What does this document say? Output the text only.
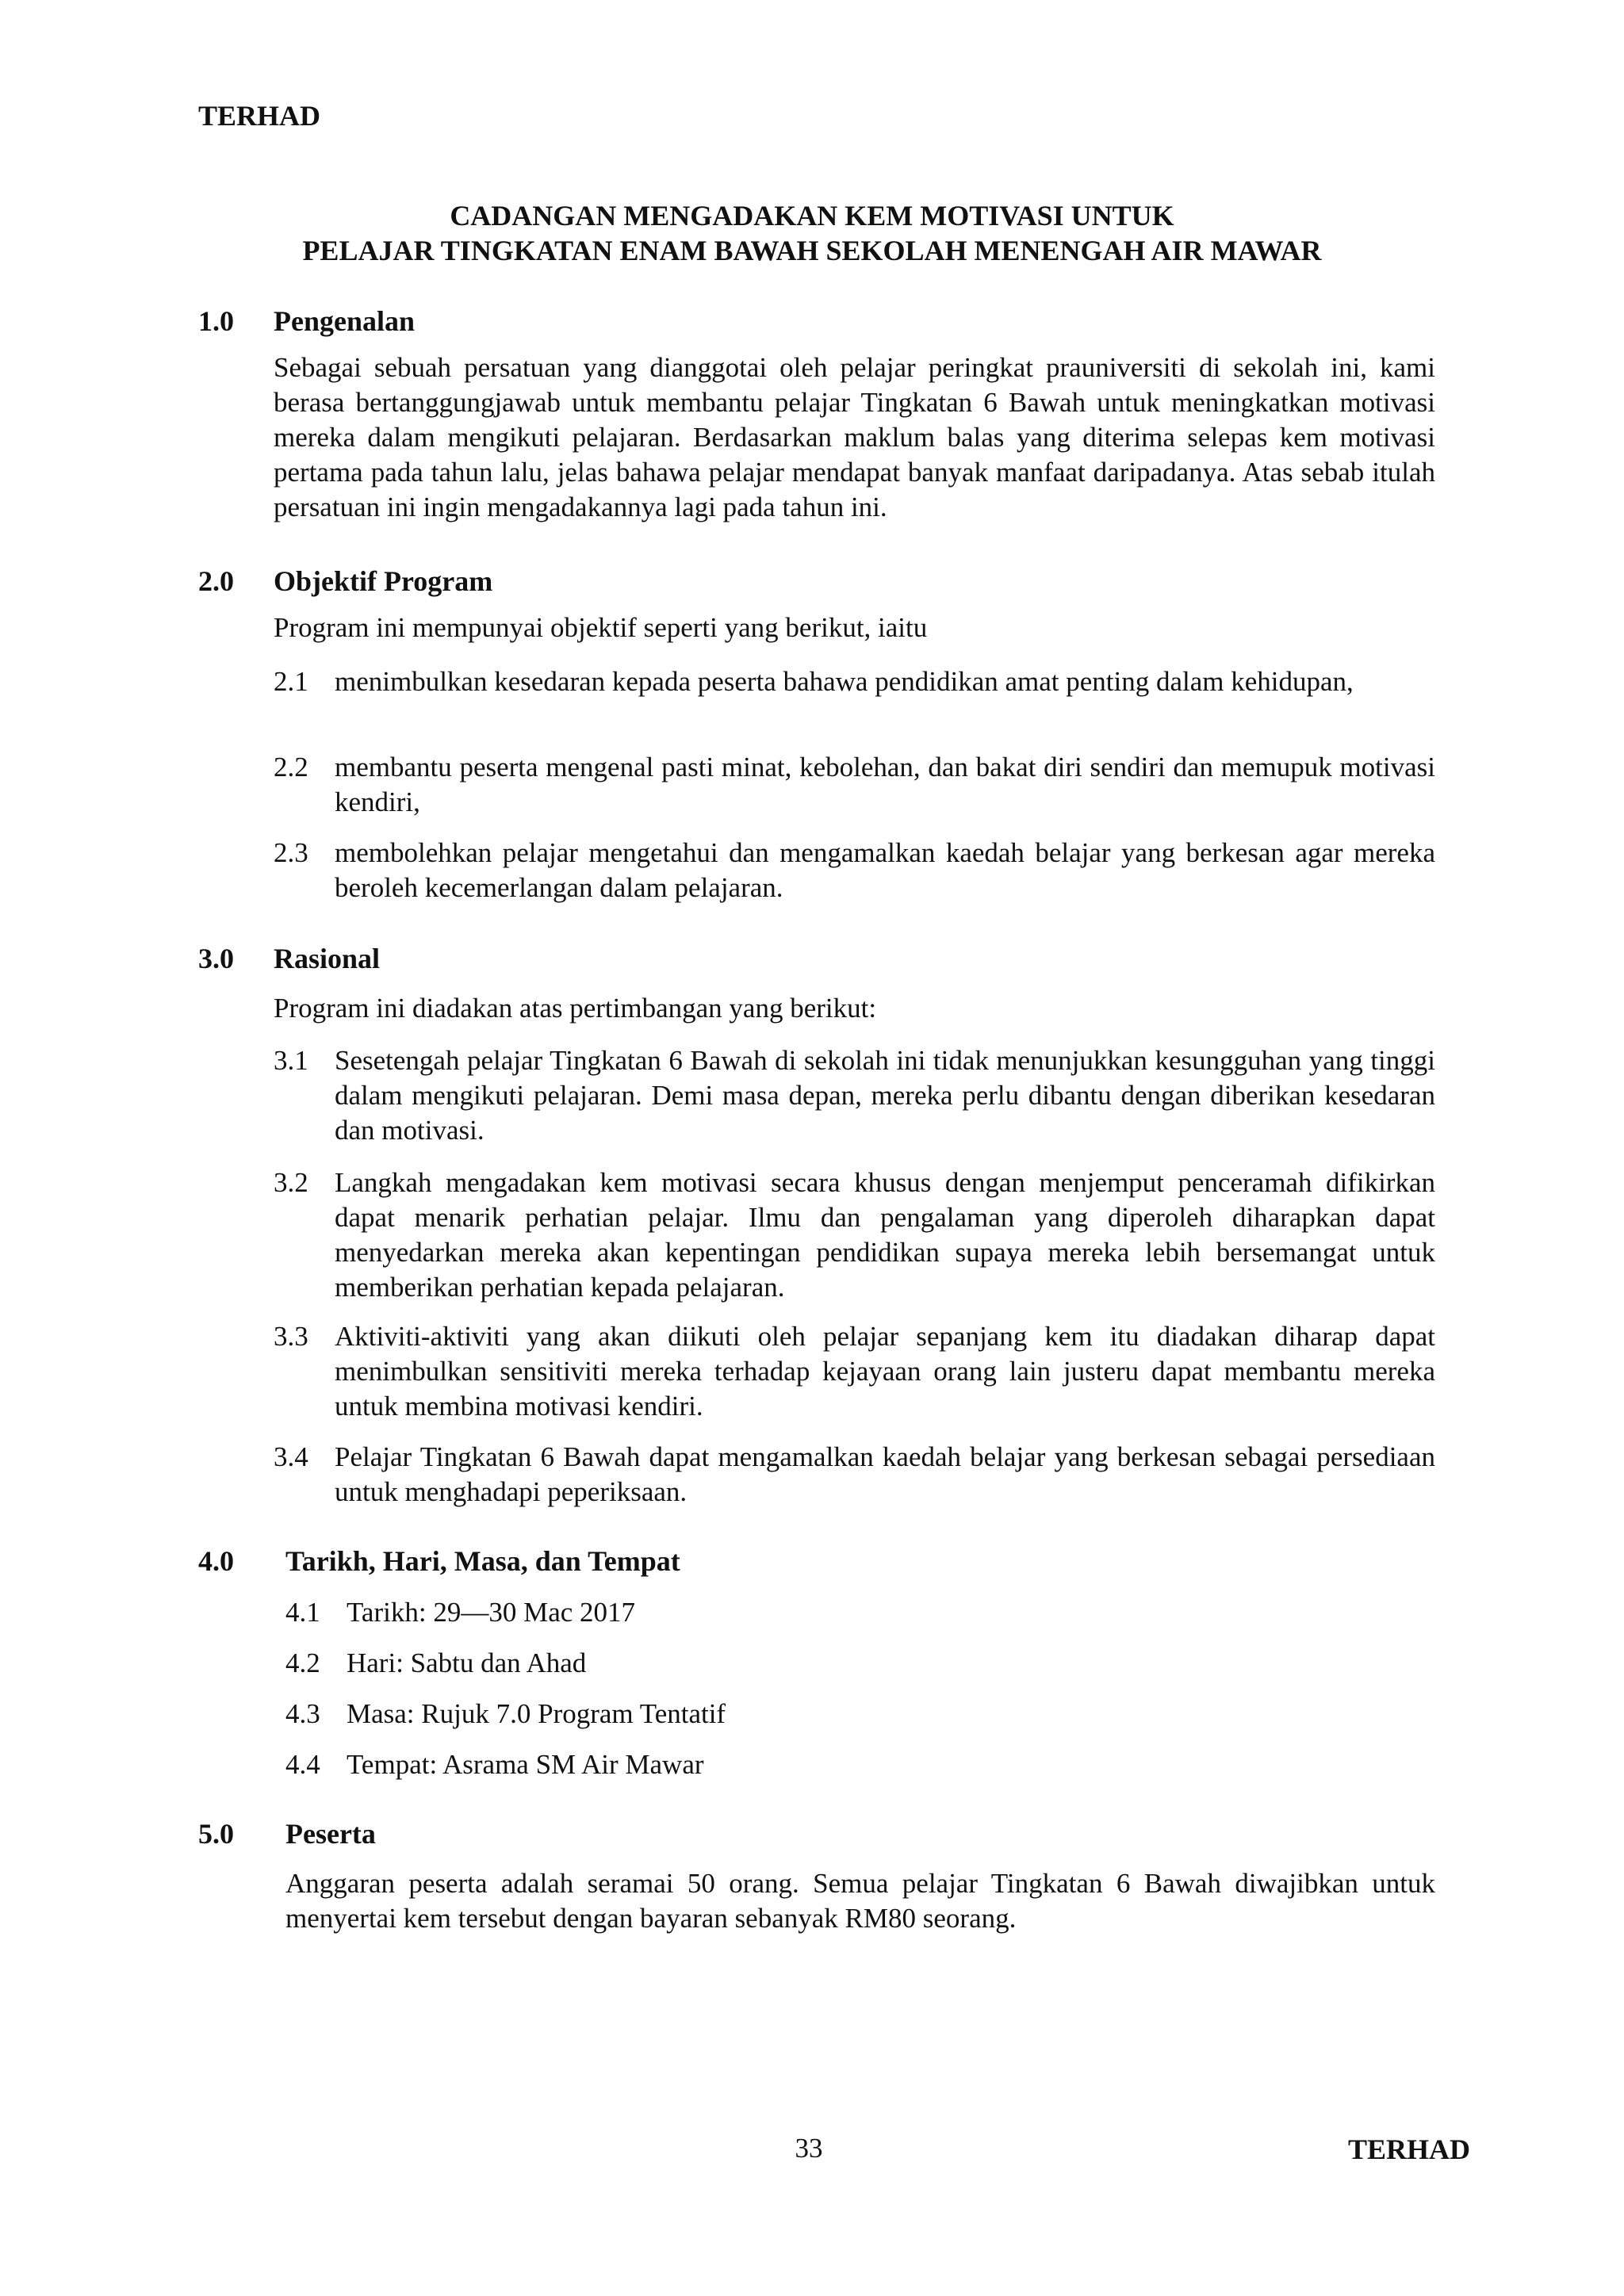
TERHAD
CADANGAN MENGADAKAN KEM MOTIVASI UNTUK
PELAJAR TINGKATAN ENAM BAWAH SEKOLAH MENENGAH AIR MAWAR
1.0 Pengenalan
Sebagai sebuah persatuan yang dianggotai oleh pelajar peringkat prauniversiti di sekolah ini, kami berasa bertanggungjawab untuk membantu pelajar Tingkatan 6 Bawah untuk meningkatkan motivasi mereka dalam mengikuti pelajaran. Berdasarkan maklum balas yang diterima selepas kem motivasi pertama pada tahun lalu, jelas bahawa pelajar mendapat banyak manfaat daripadanya. Atas sebab itulah persatuan ini ingin mengadakannya lagi pada tahun ini.
2.0 Objektif Program
Program ini mempunyai objektif seperti yang berikut, iaitu
2.1 menimbulkan kesedaran kepada peserta bahawa pendidikan amat penting dalam kehidupan,
2.2 membantu peserta mengenal pasti minat, kebolehan, dan bakat diri sendiri dan memupuk motivasi kendiri,
2.3 membolehkan pelajar mengetahui dan mengamalkan kaedah belajar yang berkesan agar mereka beroleh kecemerlangan dalam pelajaran.
3.0 Rasional
Program ini diadakan atas pertimbangan yang berikut:
3.1 Sesetengah pelajar Tingkatan 6 Bawah di sekolah ini tidak menunjukkan kesungguhan yang tinggi dalam mengikuti pelajaran. Demi masa depan, mereka perlu dibantu dengan diberikan kesedaran dan motivasi.
3.2 Langkah mengadakan kem motivasi secara khusus dengan menjemput penceramah difikirkan dapat menarik perhatian pelajar. Ilmu dan pengalaman yang diperoleh diharapkan dapat menyedarkan mereka akan kepentingan pendidikan supaya mereka lebih bersemangat untuk memberikan perhatian kepada pelajaran.
3.3 Aktiviti-aktiviti yang akan diikuti oleh pelajar sepanjang kem itu diadakan diharap dapat menimbulkan sensitiviti mereka terhadap kejayaan orang lain justeru dapat membantu mereka untuk membina motivasi kendiri.
3.4 Pelajar Tingkatan 6 Bawah dapat mengamalkan kaedah belajar yang berkesan sebagai persediaan untuk menghadapi peperiksaan.
4.0 Tarikh, Hari, Masa, dan Tempat
4.1 Tarikh: 29—30 Mac 2017
4.2 Hari: Sabtu dan Ahad
4.3 Masa: Rujuk 7.0 Program Tentatif
4.4 Tempat: Asrama SM Air Mawar
5.0 Peserta
Anggaran peserta adalah seramai 50 orang. Semua pelajar Tingkatan 6 Bawah diwajibkan untuk menyertai kem tersebut dengan bayaran sebanyak RM80 seorang.
33	TERHAD
